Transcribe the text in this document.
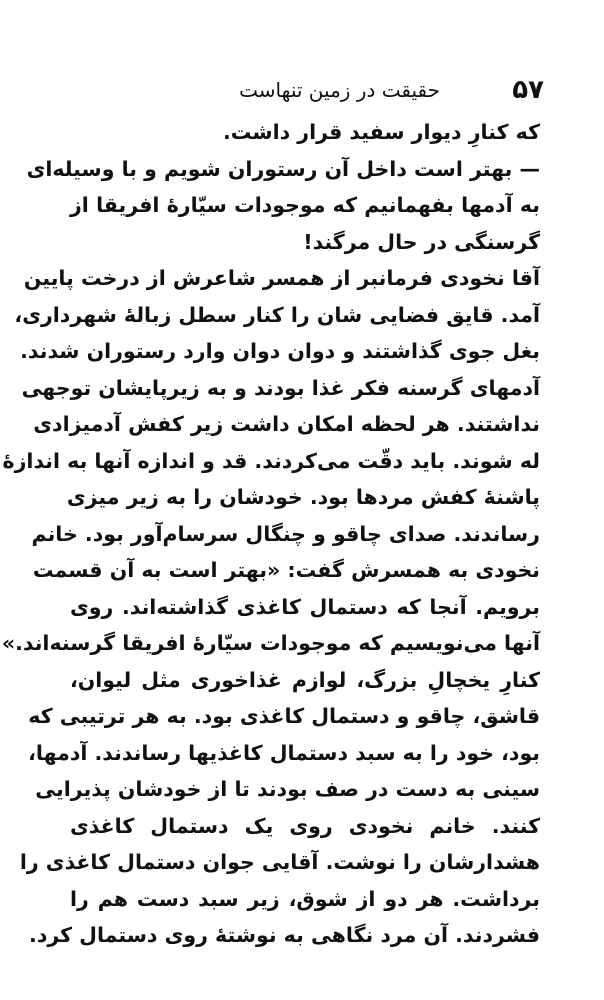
۵۷
حقیقت در زمین تنهاست
که کنارِ دیوار سفید قرار داشت.
— بهتر است داخل آن رستوران شویم و با وسیله‌ای
به آدمها بفهمانیم که موجودات سیّارهٔ افریقا از
گرسنگی در حال مرگند!
آقا نخودی فرمانبر از همسر شاعرش از درخت پایین
آمد. قایق فضایی شان را کنار سطل زبالهٔ شهرداری،
بغل جوی گذاشتند و دوان دوان وارد رستوران شدند.
آدمهای گرسنه فکر غذا بودند و به زیرپایشان توجهی
نداشتند. هر لحظه امکان داشت زیر کفش آدمیزادی
له شوند. باید دقّت می‌کردند. قد و اندازه آنها به اندازهٔ
پاشنهٔ کفش مردها بود. خودشان را به زیر میزی
رساندند. صدای چاقو و چنگال سرسام‌آور بود. خانم
نخودی به همسرش گفت: «بهتر است به آن قسمت
برویم. آنجا که دستمال کاغذی گذاشته‌اند. روی
آنها می‌نویسیم که موجودات سیّارهٔ افریقا گرسنه‌اند.»
کنارِ یخچالِ بزرگ، لوازم غذاخوری مثل لیوان،
قاشق، چاقو و دستمال کاغذی بود. به هر ترتیبی که
بود، خود را به سبد دستمال کاغذیها رساندند. آدمها،
سینی به دست در صف بودند تا از خودشان پذیرایی
کنند. خانم نخودی روی یک دستمال کاغذی
هشدارشان را نوشت. آقایی جوان دستمال کاغذی را
برداشت. هر دو از شوق، زیر سبد دست هم را
فشردند. آن مرد نگاهی به نوشتهٔ روی دستمال کرد.
